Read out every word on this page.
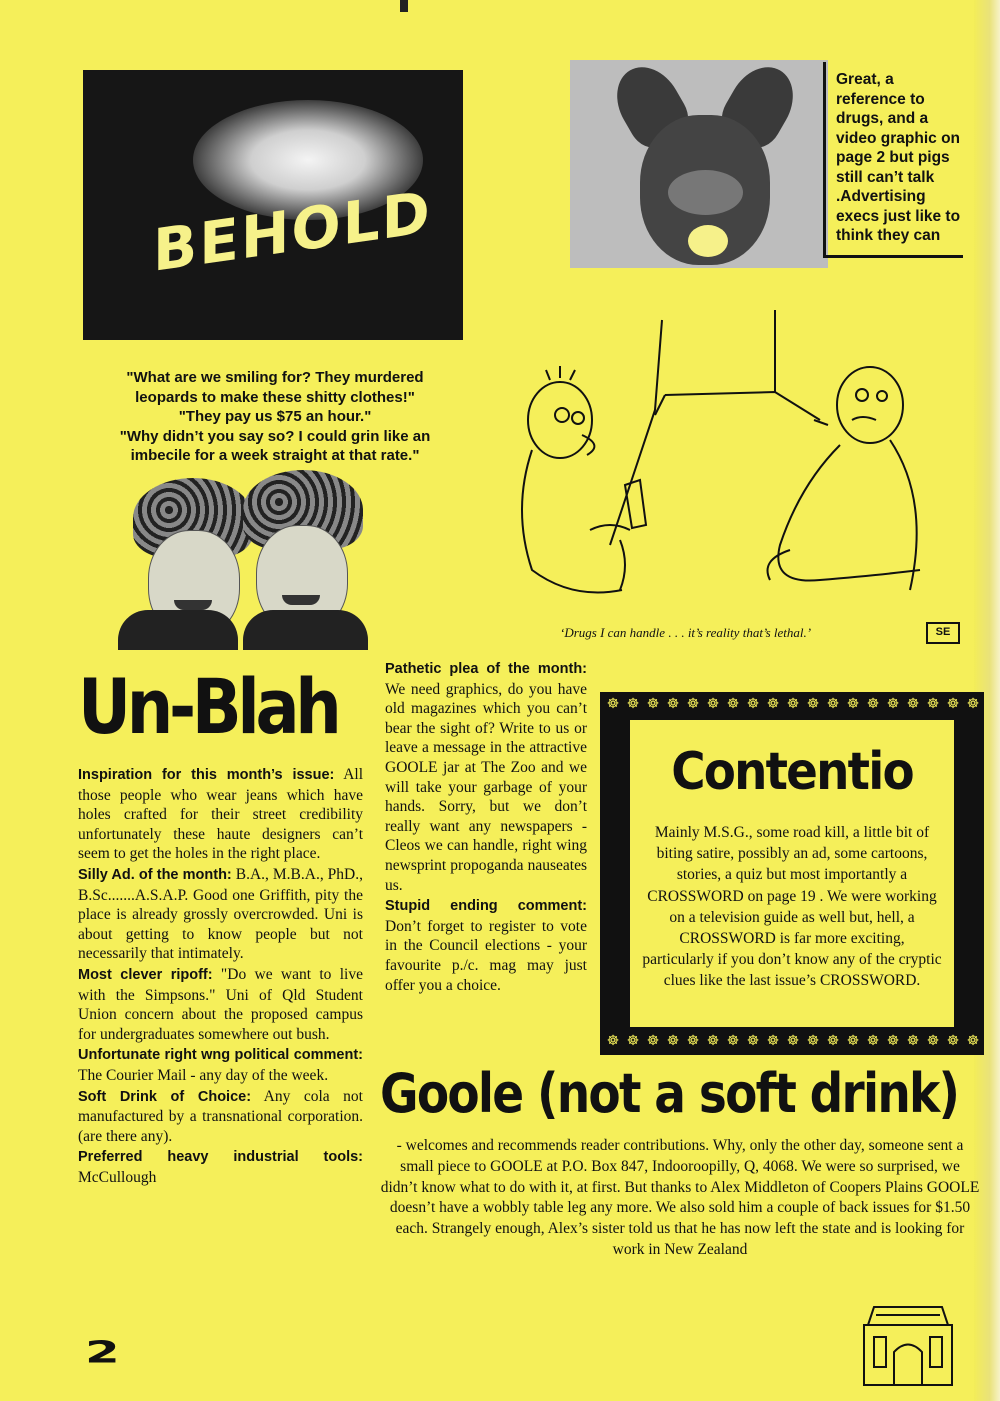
BEHOLD
Great, a reference to drugs, and a video graphic on page 2 but pigs still can’t talk .Advertising execs just like to think they can
"What are we smiling for? They murdered
leopards to make these shitty clothes!"
"They pay us $75 an hour."
"Why didn’t you say so? I could grin like an
imbecile for a week straight at that rate."
‘Drugs I can handle . . . it’s reality that’s lethal.’	SE
Un-Blah

Inspiration for this month’s issue: All those people who wear jeans which have holes crafted for their street credibility unfortunately these haute designers can’t seem to get the holes in the right place.

Silly Ad. of the month: B.A., M.B.A., PhD., B.Sc.......A.S.A.P. Good one Griffith, pity the place is already grossly overcrowded. Uni is about getting to know people but not necessarily that intimately.

Most clever ripoff: "Do we want to live with the Simpsons." Uni of Qld Student Union concern about the proposed campus for undergraduates somewhere out bush.

Unfortunate right wng political comment: The Courier Mail - any day of the week.

Soft Drink of Choice: Any cola not manufactured by a transnational corporation. (are there any).

Preferred heavy industrial tools: McCullough

Pathetic plea of the month: We need graphics, do you have old magazines which you can’t bear the sight of? Write to us or leave a message in the attractive GOOLE jar at The Zoo and we will take your garbage of your hands. Sorry, but we don’t really want any newspapers - Cleos we can handle, right wing newsprint propoganda nauseates us.

Stupid ending comment: Don’t forget to register to vote in the Council elections - your favourite p./c. mag may just offer you a choice.

☸ ☸ ☸ ☸ ☸ ☸ ☸ ☸ ☸ ☸ ☸ ☸ ☸ ☸ ☸ ☸ ☸ ☸ ☸
☸ ☸ ☸ ☸ ☸ ☸ ☸ ☸ ☸ ☸ ☸ ☸ ☸ ☸ ☸ ☸ ☸ ☸ ☸
Contentio
Mainly M.S.G., some road kill, a little bit of biting satire, possibly an ad, some cartoons, stories, a quiz but most importantly a CROSSWORD on page 19 . We were working on a television guide as well but, hell, a CROSSWORD is far more exciting, particularly if you don’t know any of the cryptic clues like the last issue’s CROSSWORD.
Goole (not a soft drink)
- welcomes and recommends reader contributions. Why, only the other day, someone sent a small piece to GOOLE at P.O. Box 847, Indooroopilly, Q, 4068. We were so surprised, we didn’t know what to do with it, at first. But thanks to Alex Middleton of Coopers Plains GOOLE doesn’t have a wobbly table leg any more. We also sold him a couple of back issues for $1.50 each. Strangely enough, Alex’s sister told us that he has now left the state and is looking for work in New Zealand
2
